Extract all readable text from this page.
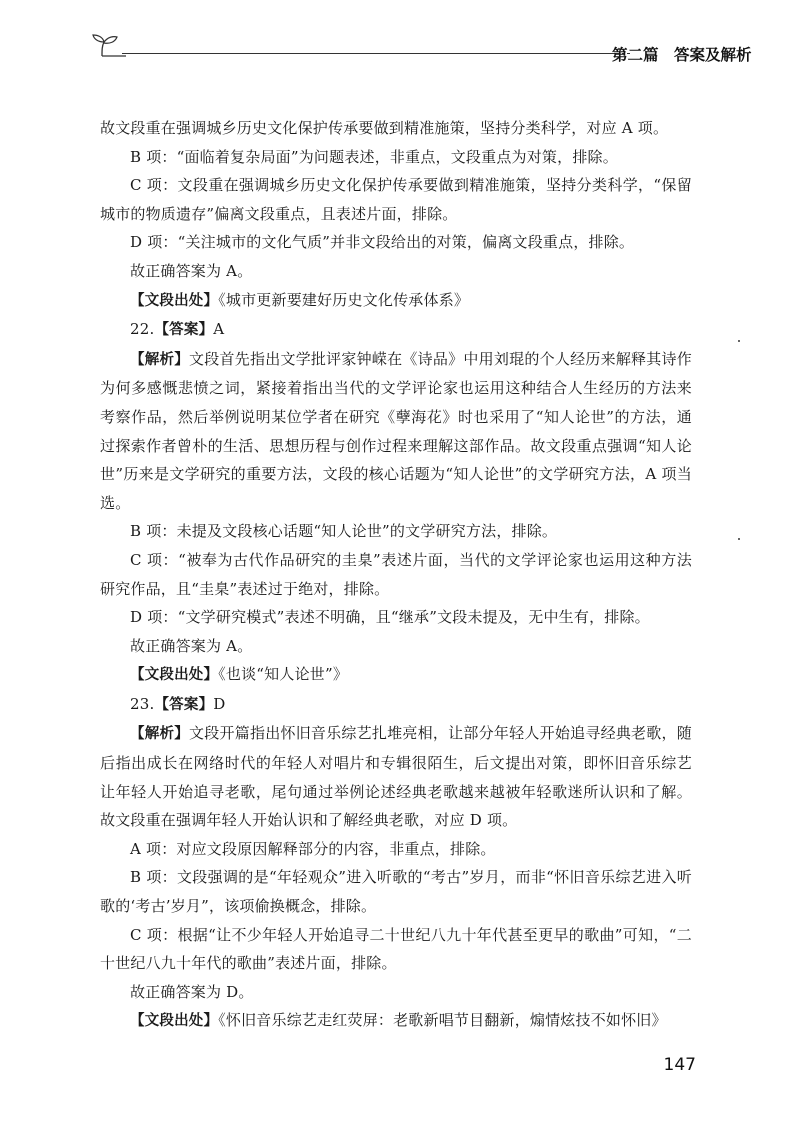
第二篇　答案及解析

故文段重在强调城乡历史文化保护传承要做到精准施策，坚持分类科学，对应 A 项。

B 项：“面临着复杂局面”为问题表述，非重点，文段重点为对策，排除。

C 项：文段重在强调城乡历史文化保护传承要做到精准施策，坚持分类科学，“保留城市的物质遗存”偏离文段重点，且表述片面，排除。

D 项：“关注城市的文化气质”并非文段给出的对策，偏离文段重点，排除。

故正确答案为 A。

【文段出处】《城市更新要建好历史文化传承体系》

22.【答案】A

【解析】文段首先指出文学批评家钟嵘在《诗品》中用刘琨的个人经历来解释其诗作为何多感慨悲愤之词，紧接着指出当代的文学评论家也运用这种结合人生经历的方法来考察作品，然后举例说明某位学者在研究《孽海花》时也采用了“知人论世”的方法，通过探索作者曾朴的生活、思想历程与创作过程来理解这部作品。故文段重点强调“知人论世”历来是文学研究的重要方法，文段的核心话题为“知人论世”的文学研究方法，A 项当选。

B 项：未提及文段核心话题“知人论世”的文学研究方法，排除。

C 项：“被奉为古代作品研究的圭臬”表述片面，当代的文学评论家也运用这种方法研究作品，且“圭臬”表述过于绝对，排除。

D 项：“文学研究模式”表述不明确，且“继承”文段未提及，无中生有，排除。

故正确答案为 A。

【文段出处】《也谈“知人论世”》

23.【答案】D

【解析】文段开篇指出怀旧音乐综艺扎堆亮相，让部分年轻人开始追寻经典老歌，随后指出成长在网络时代的年轻人对唱片和专辑很陌生，后文提出对策，即怀旧音乐综艺让年轻人开始追寻老歌，尾句通过举例论述经典老歌越来越被年轻歌迷所认识和了解。故文段重在强调年轻人开始认识和了解经典老歌，对应 D 项。

A 项：对应文段原因解释部分的内容，非重点，排除。

B 项：文段强调的是“年轻观众”进入听歌的“考古”岁月，而非“怀旧音乐综艺进入听歌的‘考古’岁月”，该项偷换概念，排除。

C 项：根据“让不少年轻人开始追寻二十世纪八九十年代甚至更早的歌曲”可知，“二十世纪八九十年代的歌曲”表述片面，排除。

故正确答案为 D。

【文段出处】《怀旧音乐综艺走红荧屏：老歌新唱节目翻新，煽情炫技不如怀旧》

147
